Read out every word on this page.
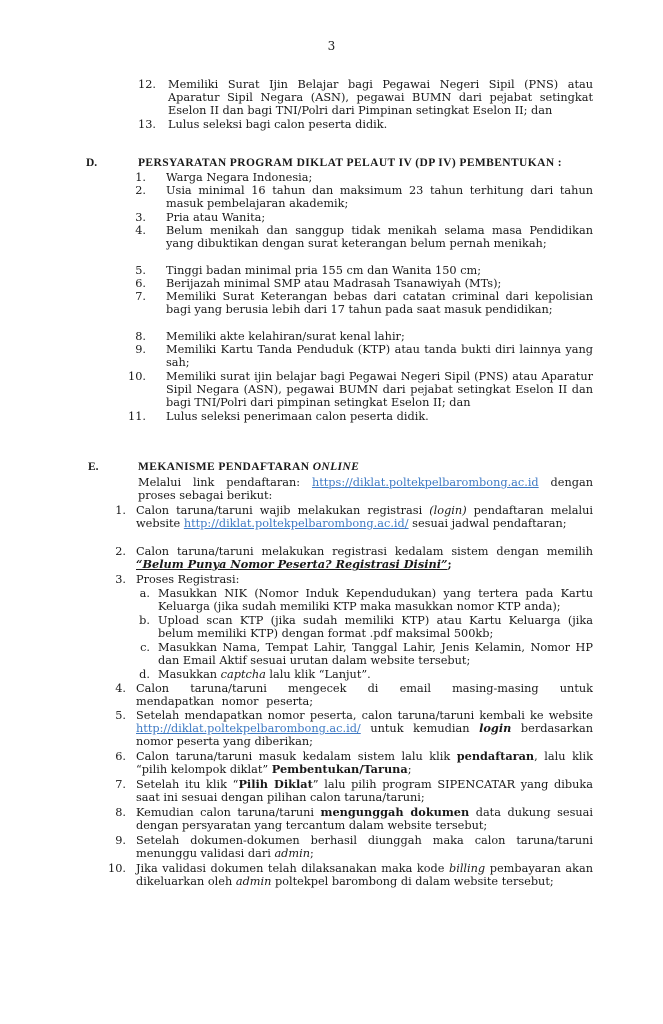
3
12. Memiliki Surat Ijin Belajar bagi Pegawai Negeri Sipil (PNS) atau Aparatur Sipil Negara (ASN), pegawai BUMN dari pejabat setingkat Eselon II dan bagi TNI/Polri dari Pimpinan setingkat Eselon II; dan
13. Lulus seleksi bagi calon peserta didik.
D.	PERSYARATAN PROGRAM DIKLAT PELAUT IV (DP IV) PEMBENTUKAN :
1. Warga Negara Indonesia;
2. Usia minimal 16 tahun dan maksimum 23 tahun terhitung dari tahun masuk pembelajaran akademik;
3. Pria atau Wanita;
4. Belum menikah dan sanggup tidak menikah selama masa Pendidikan yang dibuktikan dengan surat keterangan belum pernah menikah;
5. Tinggi badan minimal pria 155 cm dan Wanita 150 cm;
6. Berijazah minimal SMP atau Madrasah Tsanawiyah (MTs);
7. Memiliki Surat Keterangan bebas dari catatan criminal dari kepolisian bagi yang berusia lebih dari 17 tahun pada saat masuk pendidikan;
8. Memiliki akte kelahiran/surat kenal lahir;
9. Memiliki Kartu Tanda Penduduk (KTP) atau tanda bukti diri lainnya yang sah;
10. Memiliki surat ijin belajar bagi Pegawai Negeri Sipil (PNS) atau Aparatur Sipil Negara (ASN), pegawai BUMN dari pejabat setingkat Eselon II dan bagi TNI/Polri dari pimpinan setingkat Eselon II; dan
11. Lulus seleksi penerimaan calon peserta didik.
E.	MEKANISME PENDAFTARAN ONLINE
Melalui link pendaftaran: https://diklat.poltekpelbarombong.ac.id dengan proses sebagai berikut:
1. Calon taruna/taruni wajib melakukan registrasi (login) pendaftaran melalui website http://diklat.poltekpelbarombong.ac.id/ sesuai jadwal pendaftaran;
2. Calon taruna/taruni melakukan registrasi kedalam sistem dengan memilih “Belum Punya Nomor Peserta? Registrasi Disini”;
3. Proses Registrasi:
a. Masukkan NIK (Nomor Induk Kependudukan) yang tertera pada Kartu Keluarga (jika sudah memiliki KTP maka masukkan nomor KTP anda);
b. Upload scan KTP (jika sudah memiliki KTP) atau Kartu Keluarga (jika belum memiliki KTP) dengan format .pdf maksimal 500kb;
c. Masukkan Nama, Tempat Lahir, Tanggal Lahir, Jenis Kelamin, Nomor HP dan Email Aktif sesuai urutan dalam website tersebut;
d. Masukkan captcha lalu klik “Lanjut”.
4. Calon taruna/taruni mengecek di email masing-masing untuk mendapatkan nomor peserta;
5. Setelah mendapatkan nomor peserta, calon taruna/taruni kembali ke website http://diklat.poltekpelbarombong.ac.id/ untuk kemudian login berdasarkan nomor peserta yang diberikan;
6. Calon taruna/taruni masuk kedalam sistem lalu klik pendaftaran, lalu klik “pilih kelompok diklat” Pembentukan/Taruna;
7. Setelah itu klik “Pilih Diklat” lalu pilih program SIPENCATAR yang dibuka saat ini sesuai dengan pilihan calon taruna/taruni;
8. Kemudian calon taruna/taruni mengunggah dokumen data dukung sesuai dengan persyaratan yang tercantum dalam website tersebut;
9. Setelah dokumen-dokumen berhasil diunggah maka calon taruna/taruni menunggu validasi dari admin;
10. Jika validasi dokumen telah dilaksanakan maka kode billing pembayaran akan dikeluarkan oleh admin poltekpel barombong di dalam website tersebut;
